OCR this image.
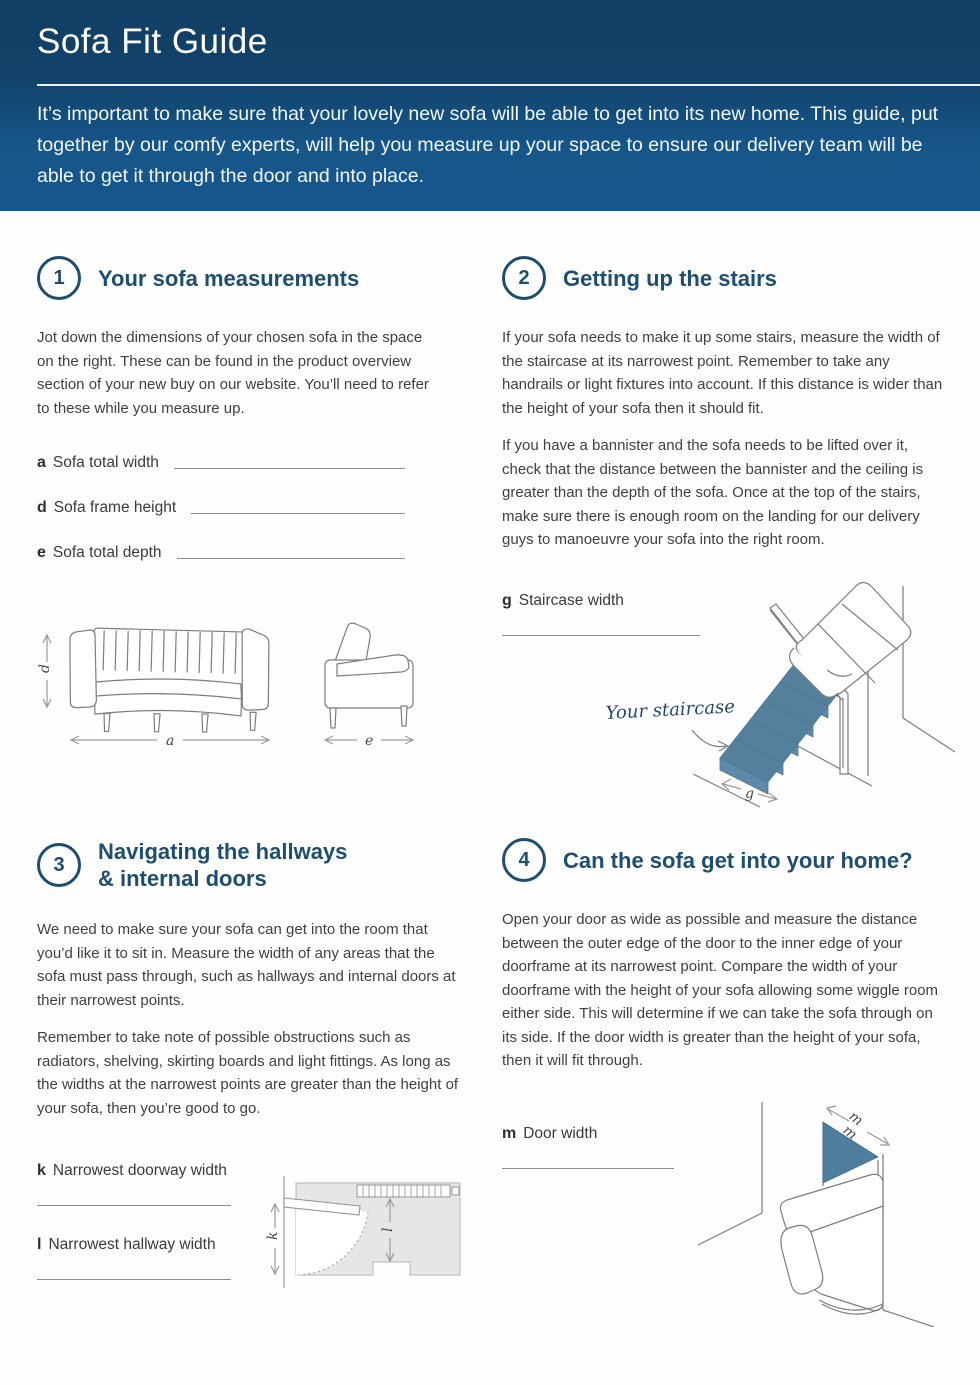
Sofa Fit Guide
It’s important to make sure that your lovely new sofa will be able to get into its new home. This guide, put together by our comfy experts, will help you measure up your space to ensure our delivery team will be able to get it through the door and into place.
1	Your sofa measurements

Jot down the dimensions of your chosen sofa in the space on the right. These can be found in the product overview section of your new buy on our website. You’ll need to refer to these while you measure up.

a Sofa total width
d Sofa frame height
e Sofa total depth
d
a	e
2	Getting up the stairs

If your sofa needs to make it up some stairs, measure the width of the staircase at its narrowest point. Remember to take any handrails or light fixtures into account. If this distance is wider than the height of your sofa then it should fit.

If you have a bannister and the sofa needs to be lifted over it, check that the distance between the bannister and the ceiling is greater than the depth of the sofa. Once at the top of the stairs, make sure there is enough room on the landing for our delivery guys to manoeuvre your sofa into the right room.

g Staircase width
Your staircase
g
3
Navigating the hallways
& internal doors

We need to make sure your sofa can get into the room that you’d like it to sit in. Measure the width of any areas that the sofa must pass through, such as hallways and internal doors at their narrowest points.

Remember to take note of possible obstructions such as radiators, shelving, skirting boards and light fittings. As long as the widths at the narrowest points are greater than the height of your sofa, then you’re good to go.

k Narrowest doorway width
l Narrowest hallway width
k
l
4	Can the sofa get into your home?

Open your door as wide as possible and measure the distance between the outer edge of the door to the inner edge of your doorframe at its narrowest point. Compare the width of your doorframe with the height of your sofa allowing some wiggle room either side. This will determine if we can take the sofa through on its side. If the door width is greater than the height of your sofa, then it will fit through.

m Door width
m
m
